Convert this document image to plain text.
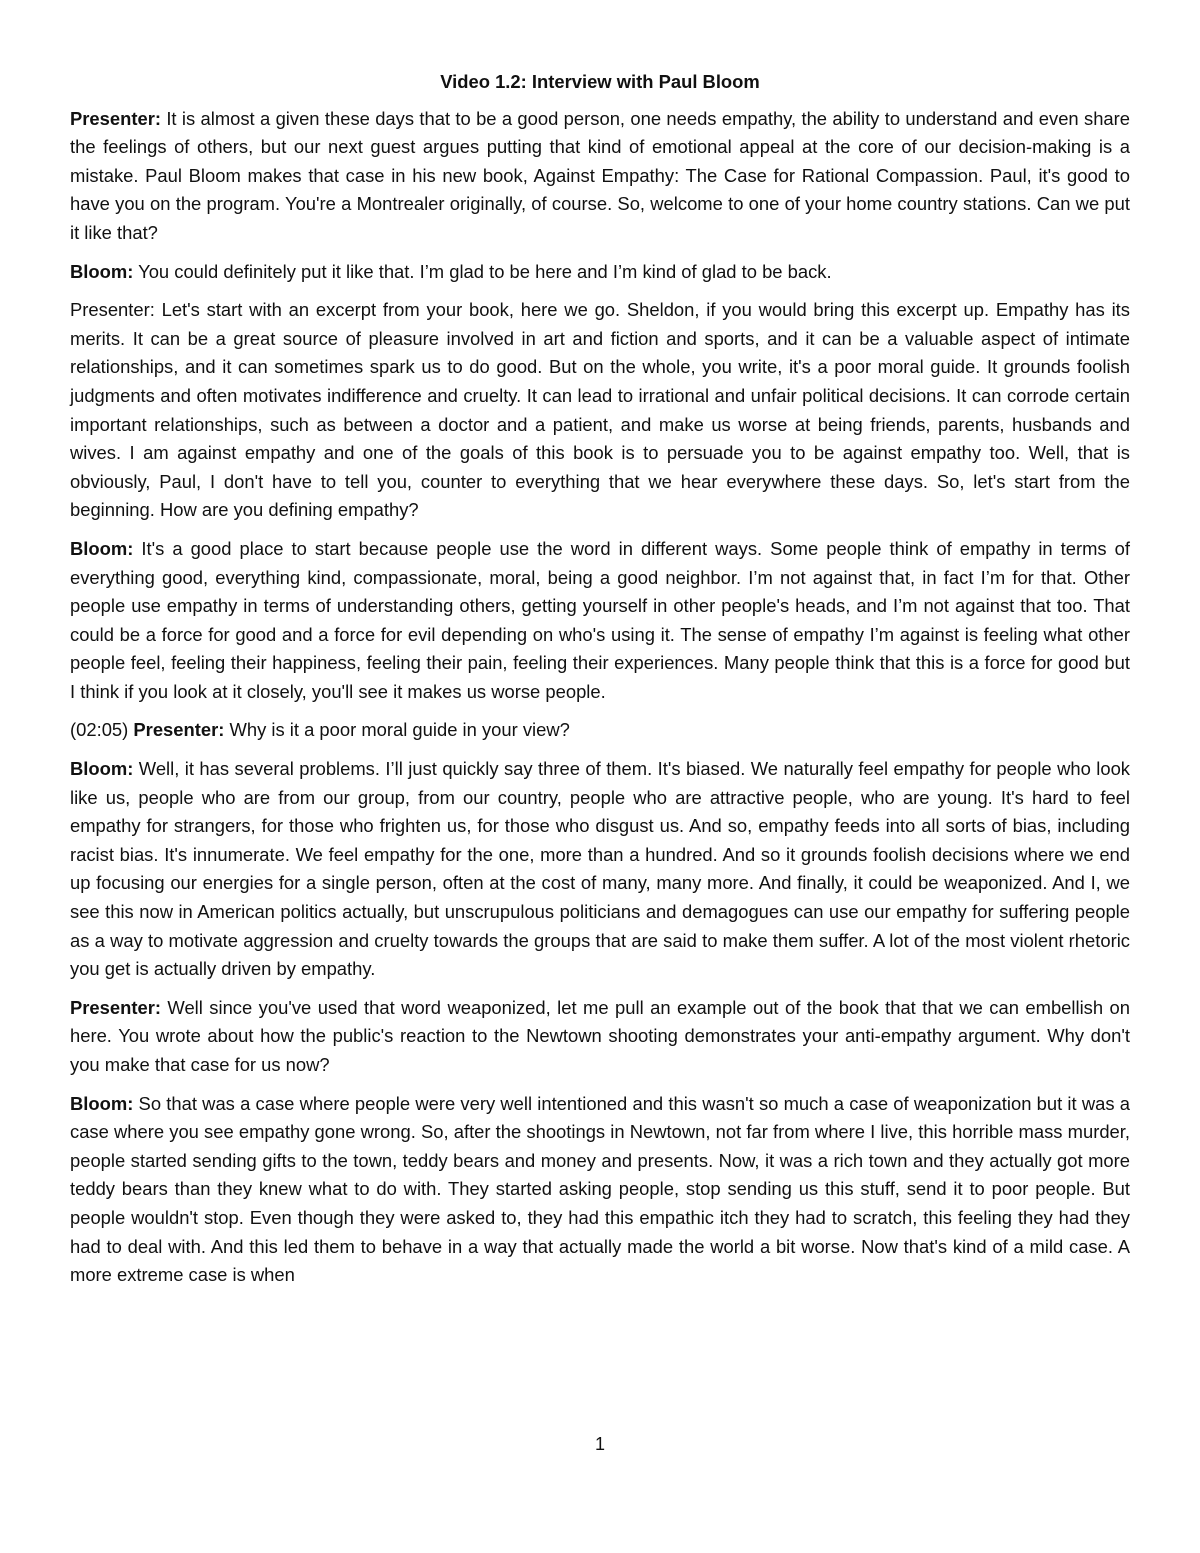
Video 1.2: Interview with Paul Bloom

Presenter: It is almost a given these days that to be a good person, one needs empathy, the ability to understand and even share the feelings of others, but our next guest argues putting that kind of emotional appeal at the core of our decision-making is a mistake. Paul Bloom makes that case in his new book, Against Empathy: The Case for Rational Compassion. Paul, it's good to have you on the program. You're a Montrealer originally, of course. So, welcome to one of your home country stations. Can we put it like that?

Bloom: You could definitely put it like that. I’m glad to be here and I’m kind of glad to be back.

Presenter: Let's start with an excerpt from your book, here we go. Sheldon, if you would bring this excerpt up. Empathy has its merits. It can be a great source of pleasure involved in art and fiction and sports, and it can be a valuable aspect of intimate relationships, and it can sometimes spark us to do good. But on the whole, you write, it's a poor moral guide. It grounds foolish judgments and often motivates indifference and cruelty. It can lead to irrational and unfair political decisions. It can corrode certain important relationships, such as between a doctor and a patient, and make us worse at being friends, parents, husbands and wives. I am against empathy and one of the goals of this book is to persuade you to be against empathy too. Well, that is obviously, Paul, I don't have to tell you, counter to everything that we hear everywhere these days. So, let's start from the beginning. How are you defining empathy?

Bloom: It's a good place to start because people use the word in different ways. Some people think of empathy in terms of everything good, everything kind, compassionate, moral, being a good neighbor. I’m not against that, in fact I’m for that. Other people use empathy in terms of understanding others, getting yourself in other people's heads, and I’m not against that too. That could be a force for good and a force for evil depending on who's using it. The sense of empathy I’m against is feeling what other people feel, feeling their happiness, feeling their pain, feeling their experiences. Many people think that this is a force for good but I think if you look at it closely, you'll see it makes us worse people.

(02:05) Presenter: Why is it a poor moral guide in your view?

Bloom: Well, it has several problems. I’ll just quickly say three of them. It's biased. We naturally feel empathy for people who look like us, people who are from our group, from our country, people who are attractive people, who are young. It's hard to feel empathy for strangers, for those who frighten us, for those who disgust us. And so, empathy feeds into all sorts of bias, including racist bias. It's innumerate. We feel empathy for the one, more than a hundred. And so it grounds foolish decisions where we end up focusing our energies for a single person, often at the cost of many, many more. And finally, it could be weaponized. And I, we see this now in American politics actually, but unscrupulous politicians and demagogues can use our empathy for suffering people as a way to motivate aggression and cruelty towards the groups that are said to make them suffer. A lot of the most violent rhetoric you get is actually driven by empathy.

Presenter: Well since you've used that word weaponized, let me pull an example out of the book that that we can embellish on here. You wrote about how the public's reaction to the Newtown shooting demonstrates your anti-empathy argument. Why don't you make that case for us now?

Bloom: So that was a case where people were very well intentioned and this wasn't so much a case of weaponization but it was a case where you see empathy gone wrong. So, after the shootings in Newtown, not far from where I live, this horrible mass murder, people started sending gifts to the town, teddy bears and money and presents. Now, it was a rich town and they actually got more teddy bears than they knew what to do with. They started asking people, stop sending us this stuff, send it to poor people. But people wouldn't stop. Even though they were asked to, they had this empathic itch they had to scratch, this feeling they had they had to deal with. And this led them to behave in a way that actually made the world a bit worse. Now that's kind of a mild case. A more extreme case is when

1
